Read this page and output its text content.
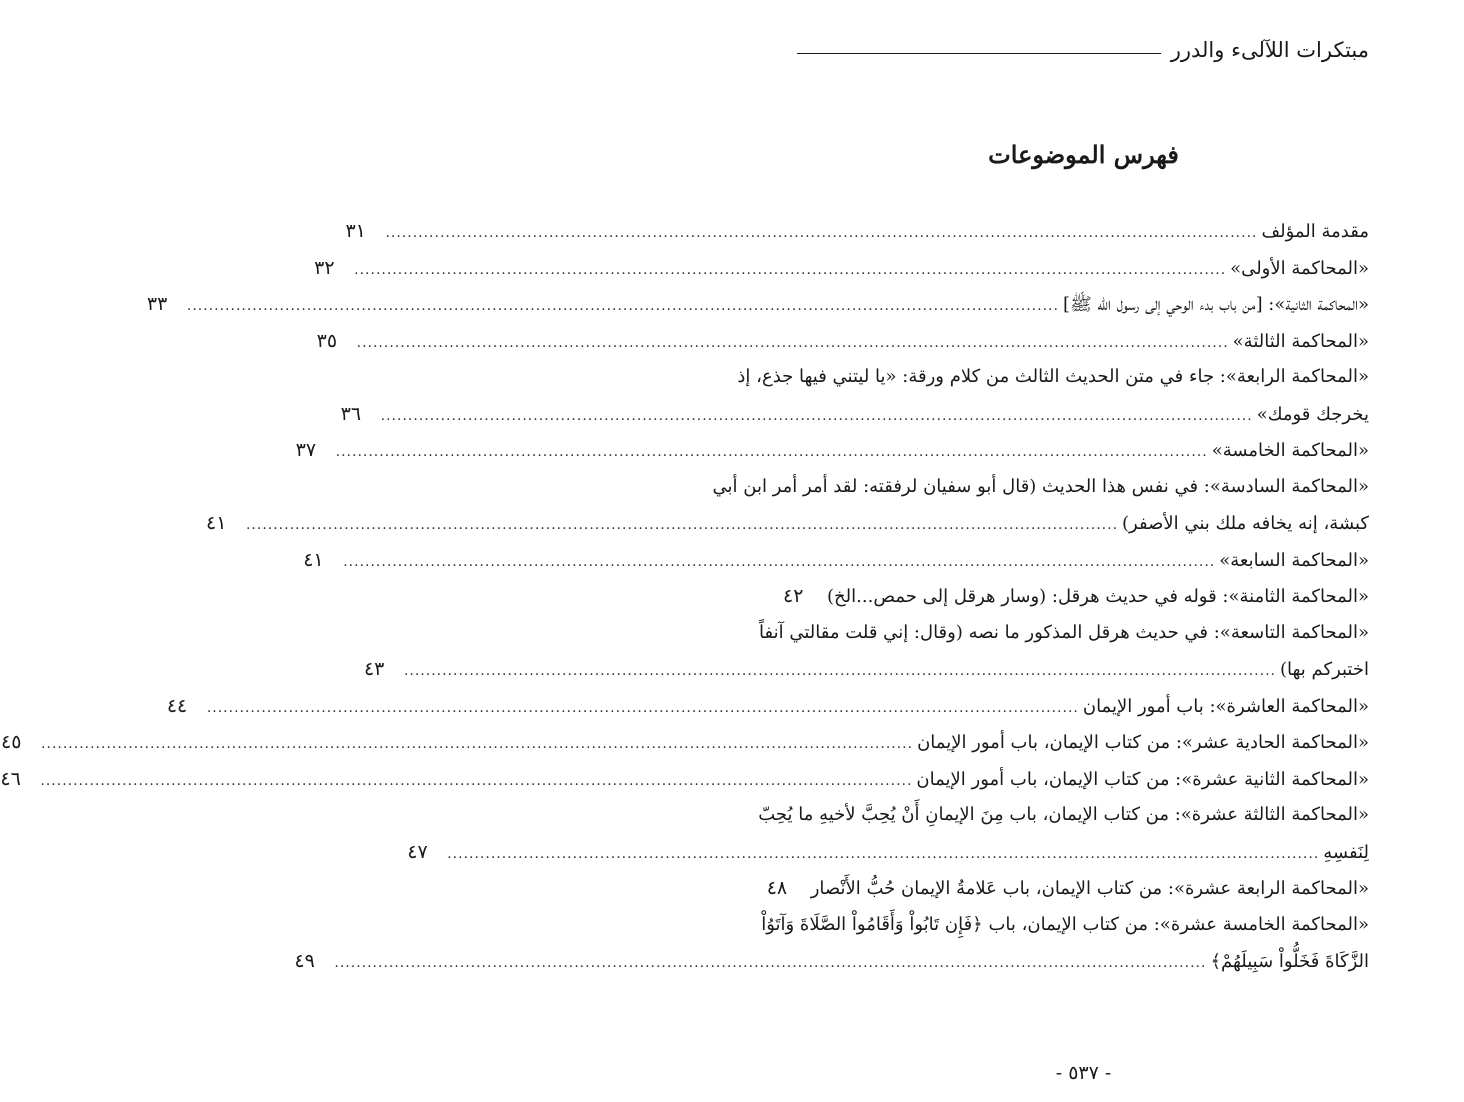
مبتكرات اللآلىء والدرر
فهرس الموضوعات
مقدمة المؤلف
.....
٣١
«المحاكمة الأولى»
.....
٣٢
«المحاكمة الثانية»: [من باب بدء الوحي إلى رسول الله ﷺ]
.....
٣٣
«المحاكمة الثالثة»
.....
٣٥
«المحاكمة الرابعة»: جاء في متن الحديث الثالث من كلام ورقة: «يا ليتني فيها جذع، إذ
يخرجك قومك»
.....
٣٦
«المحاكمة الخامسة»
.....
٣٧
«المحاكمة السادسة»: في نفس هذا الحديث (قال أبو سفيان لرفقته: لقد أمر أمر ابن أبي
كبشة، إنه يخافه ملك بني الأصفر)
.....
٤١
«المحاكمة السابعة»
.....
٤١
«المحاكمة الثامنة»: قوله في حديث هرقل: (وسار هرقل إلى حمص...الخ)
٤٢
«المحاكمة التاسعة»: في حديث هرقل المذكور ما نصه (وقال: إني قلت مقالتي آنفاً
اختبركم بها)
.....
٤٣
«المحاكمة العاشرة»: باب أمور الإيمان
.....
٤٤
«المحاكمة الحادية عشر»: من كتاب الإيمان، باب أمور الإيمان
.....
٤٥
«المحاكمة الثانية عشرة»: من كتاب الإيمان، باب أمور الإيمان
.....
٤٦
«المحاكمة الثالثة عشرة»: من كتاب الإيمان، باب مِنَ الإيمانِ أَنْ يُحِبَّ لأخيهِ ما يُحِبّ
لِنَفسِهِ
.....
٤٧
«المحاكمة الرابعة عشرة»: من كتاب الإيمان، باب عَلامةُ الإيمان حُبُّ الأَنْصار
٤٨
«المحاكمة الخامسة عشرة»: من كتاب الإيمان، باب ﴿فَإِن تَابُواْ وَأَقَامُواْ الصَّلَاةَ وَآتَوُاْ
الزَّكَاةَ فَخَلُّواْ سَبِيلَهُمْ﴾
.....
٤٩
- ٥٣٧ -
